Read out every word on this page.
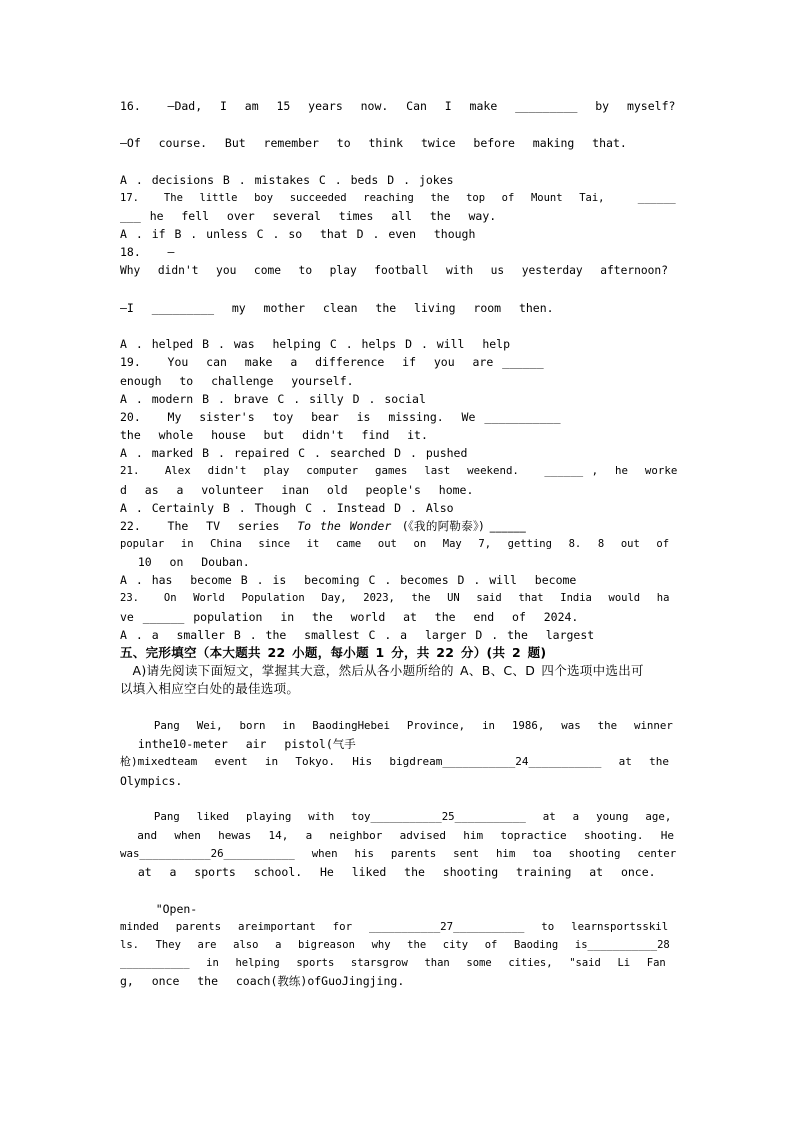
16.   —Dad,  I  am  15  years  now.  Can  I  make  _________  by  myself?
—Of  course.  But  remember  to  think  twice  before  making  that.
A . decisions B . mistakes C . beds D . jokes
17.   The  little  boy  succeeded  reaching  the  top  of  Mount  Tai,    ______
___ he  fell  over  several  times  all  the  way.
A . if B . unless C . so  that D . even  though
18.   —
Why  didn't  you  come  to  play  football  with  us  yesterday  afternoon?
—I  _________  my  mother  clean  the  living  room  then.
A . helped B . was  helping C . helps D . will  help
19.   You  can  make  a  difference  if  you  are ______
enough  to  challenge  yourself.
A . modern B . brave C . silly D . social
20.   My  sister's  toy  bear  is  missing.  We ___________
the  whole  house  but  didn't  find  it.
A . marked B . repaired C . searched D . pushed
21.   Alex  didn't  play  computer  games  last  weekend.   ______ ,  he  worke
d  as  a  volunteer  inan  old  people's  home.
A . Certainly B . Though C . Instead D . Also
22.   The  TV  series  To the Wonder  (《我的阿勒泰》) ______
popular  in  China  since  it  came  out  on  May  7,  getting  8.  8  out  of
10  on  Douban.
A . has  become B . is  becoming C . becomes D . will  become
23.   On  World  Population  Day,  2023,  the  UN  said  that  India  would  ha
ve ______ population  in  the  world  at  the  end  of  2024.
A . a  smaller B . the  smallest C . a  larger D . the  largest
五、完形填空（本大题共 22 小题，每小题 1 分，共 22 分）(共 2 题)
A)请先阅读下面短文，掌握其大意，然后从各小题所给的 A、B、C、D 四个选项中选出可
以填入相应空白处的最佳选项。
Pang  Wei,  born  in  BaodingHebei  Province,  in  1986,  was  the  winner
inthe10-meter  air  pistol(气手
枪)mixedteam  event  in  Tokyo.  His  bigdream___________24___________  at  the
Olympics.
Pang  liked  playing  with  toy___________25___________  at  a  young  age,
and  when  hewas  14,  a  neighbor  advised  him  topractice  shooting.  He
was___________26___________  when  his  parents  sent  him  toa  shooting  center
at  a  sports  school.  He  liked  the  shooting  training  at  once.
"Open-
minded  parents  areimportant  for  ___________27___________  to  learnsportsskil
ls.  They  are  also  a  bigreason  why  the  city  of  Baoding  is___________28
___________  in  helping  sports  starsgrow  than  some  cities,  "said  Li  Fan
g,  once  the  coach(教练)ofGuoJingjing.
